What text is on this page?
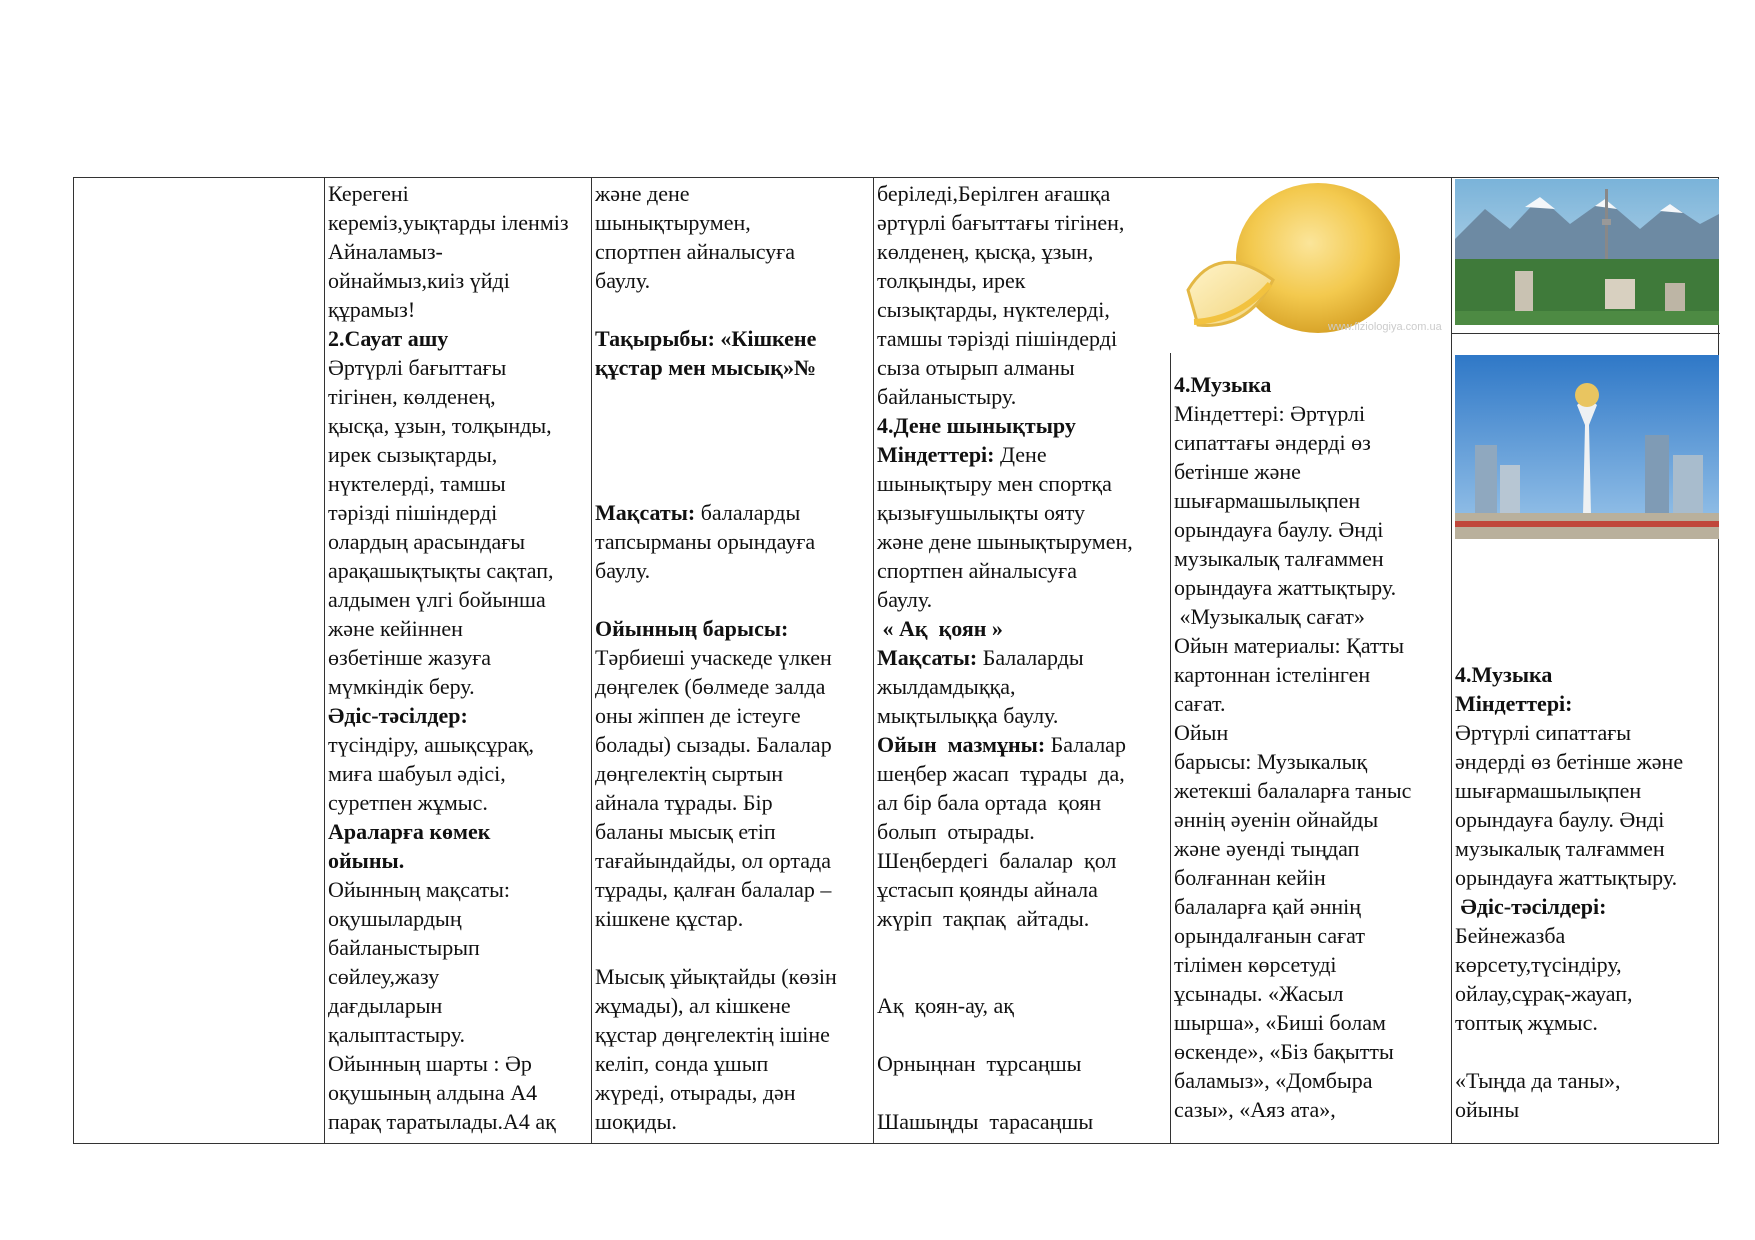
Керегені
кереміз,уықтарды іленміз
Айналамыз-
ойнаймыз,киіз үйді
құрамыз!
2.Сауат ашу
Әртүрлі бағыттағы
тігінен, көлденең,
қысқа, ұзын, толқынды,
ирек сызықтарды,
нүктелерді, тамшы
тәрізді пішіндерді
олардың арасындағы
арақашықтықты сақтап,
алдымен үлгі бойынша
және кейіннен
өзбетінше жазуға
мүмкіндік беру.
Әдіс-тәсілдер:
түсіндіру, ашықсұрақ,
миға шабуыл әдісі,
суретпен жұмыс.
Араларға көмек
ойыны.
Ойынның мақсаты:
оқушылардың
байланыстырып
сөйлеу,жазу
дағдыларын
қалыптастыру.
Ойынның шарты : Әр
оқушының алдына А4
парақ таратылады.А4 ақ
және дене
шынықтырумен,
спортпен айналысуға
баулу.

Тақырыбы: «Кішкене
құстар мен мысық»№

Мақсаты: балаларды
тапсырманы орындауға
баулу.

Ойынның барысы:
Тәрбиеші учаскеде үлкен
дөңгелек (бөлмеде залда
оны жіппен де істеуге
болады) сызады. Балалар
дөңгелектің сыртын
айнала тұрады. Бір
баланы мысық етіп
тағайындайды, ол ортада
тұрады, қалған балалар –
кішкене құстар.

Мысық ұйықтайды (көзін
жұмады), ал кішкене
құстар дөңгелектің ішіне
келіп, сонда ұшып
жүреді, отырады, дән
шоқиды.
беріледі,Берілген ағашқа
әртүрлі бағыттағы тігінен,
көлденең, қысқа, ұзын,
толқынды, ирек
сызықтарды, нүктелерді,
тамшы тәрізді пішіндерді
сыза отырып алманы
байланыстыру.
4.Дене шынықтыру
Міндеттері: Дене
шынықтыру мен спортқа
қызығушылықты ояту
және дене шынықтырумен,
спортпен айналысуға
баулу.
« Ақ  қоян »
Мақсаты: Балаларды
жылдамдыққа,
мықтылыққа баулу.
Ойын  мазмұны: Балалар
шеңбер жасап  тұрады  да,
ал бір бала ортада  қоян
болып  отырады.
Шеңбердегі  балалар  қол
ұстасып қоянды айнала
жүріп  тақпақ  айтады.

Ақ  қоян-ау, ақ

Орныңнан  тұрсаңшы

Шашыңды  тарасаңшы
www.fiziologiya.com.ua
4.Музыка
Міндеттері: Әртүрлі
сипаттағы әндерді өз
бетінше және
шығармашылықпен
орындауға баулу. Әнді
музыкалық талғаммен
орындауға жаттықтыру.
«Музыкалық сағат»
Ойын материалы: Қатты
картоннан істелінген
сағат.
Ойын
барысы: Музыкалық
жетекші балаларға таныс
әннің әуенін ойнайды
және әуенді тыңдап
болғаннан кейін
балаларға қай әннің
орындалғанын сағат
тілімен көрсетуді
ұсынады. «Жасыл
шырша», «Биші болам
өскенде», «Біз бақытты
баламыз», «Домбыра
сазы», «Аяз ата»,
4.Музыка
Міндеттері:
Әртүрлі сипаттағы
әндерді өз бетінше және
шығармашылықпен
орындауға баулу. Әнді
музыкалық талғаммен
орындауға жаттықтыру.
Әдіс-тәсілдері:
Бейнежазба
көрсету,түсіндіру,
ойлау,сұрақ-жауап,
топтық жұмыс.

«Тыңда да таны»,
ойыны
